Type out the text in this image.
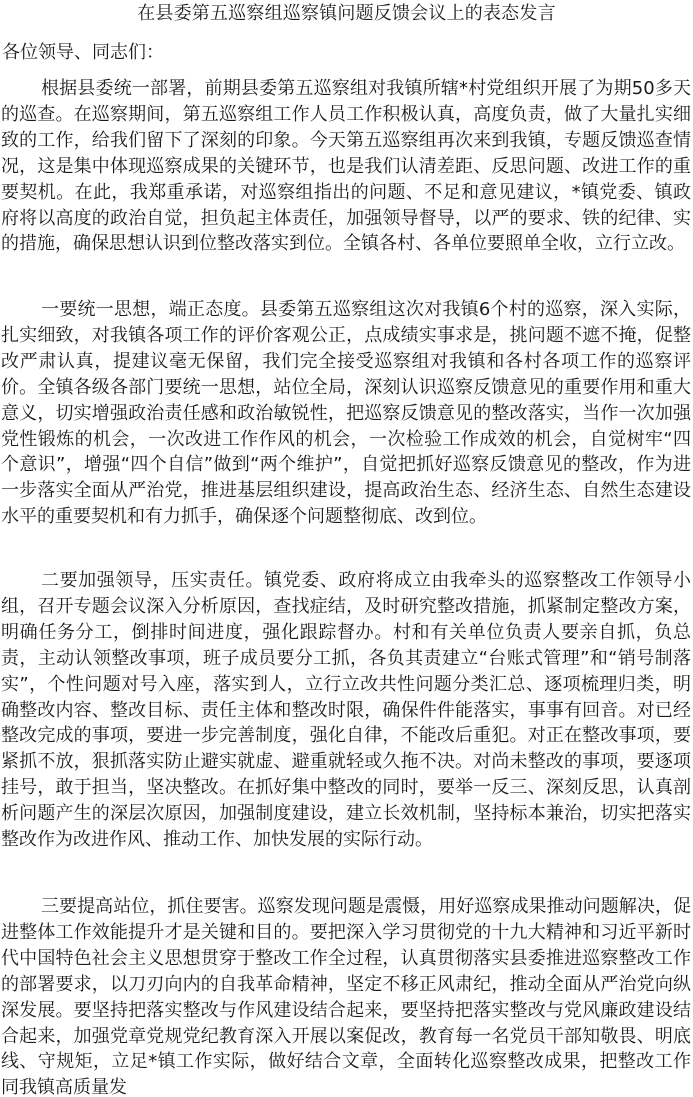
在县委第五巡察组巡察镇问题反馈会议上的表态发言

各位领导、同志们：

根据县委统一部署，前期县委第五巡察组对我镇所辖*村党组织开展了为期50多天的巡查。在巡察期间，第五巡察组工作人员工作积极认真，高度负责，做了大量扎实细致的工作，给我们留下了深刻的印象。今天第五巡察组再次来到我镇，专题反馈巡查情况，这是集中体现巡察成果的关键环节，也是我们认清差距、反思问题、改进工作的重要契机。在此，我郑重承诺，对巡察组指出的问题、不足和意见建议，*镇党委、镇政府将以高度的政治自觉，担负起主体责任，加强领导督导，以严的要求、铁的纪律、实的措施，确保思想认识到位整改落实到位。全镇各村、各单位要照单全收，立行立改。

一要统一思想，端正态度。县委第五巡察组这次对我镇6个村的巡察，深入实际，扎实细致，对我镇各项工作的评价客观公正，点成绩实事求是，挑问题不遮不掩，促整改严肃认真，提建议毫无保留，我们完全接受巡察组对我镇和各村各项工作的巡察评价。全镇各级各部门要统一思想，站位全局，深刻认识巡察反馈意见的重要作用和重大意义，切实增强政治责任感和政治敏锐性，把巡察反馈意见的整改落实，当作一次加强党性锻炼的机会，一次改进工作作风的机会，一次检验工作成效的机会，自觉树牢“四个意识”，增强“四个自信”做到“两个维护”，自觉把抓好巡察反馈意见的整改，作为进一步落实全面从严治党，推进基层组织建设，提高政治生态、经济生态、自然生态建设水平的重要契机和有力抓手，确保逐个问题整彻底、改到位。

二要加强领导，压实责任。镇党委、政府将成立由我牵头的巡察整改工作领导小组，召开专题会议深入分析原因，查找症结，及时研究整改措施，抓紧制定整改方案，明确任务分工，倒排时间进度，强化跟踪督办。村和有关单位负责人要亲自抓，负总责，主动认领整改事项，班子成员要分工抓，各负其责建立“台账式管理”和“销号制落实”，个性问题对号入座，落实到人，立行立改共性问题分类汇总、逐项梳理归类，明确整改内容、整改目标、责任主体和整改时限，确保件件能落实，事事有回音。对已经整改完成的事项，要进一步完善制度，强化自律，不能改后重犯。对正在整改事项，要紧抓不放，狠抓落实防止避实就虚、避重就轻或久拖不决。对尚未整改的事项，要逐项挂号，敢于担当，坚决整改。在抓好集中整改的同时，要举一反三、深刻反思，认真剖析问题产生的深层次原因，加强制度建设，建立长效机制，坚持标本兼治，切实把落实整改作为改进作风、推动工作、加快发展的实际行动。

三要提高站位，抓住要害。巡察发现问题是震慑，用好巡察成果推动问题解决，促进整体工作效能提升才是关键和目的。要把深入学习贯彻党的十九大精神和习近平新时代中国特色社会主义思想贯穿于整改工作全过程，认真贯彻落实县委推进巡察整改工作的部署要求，以刀刃向内的自我革命精神，坚定不移正风肃纪，推动全面从严治党向纵深发展。要坚持把落实整改与作风建设结合起来，要坚持把落实整改与党风廉政建设结合起来，加强党章党规党纪教育深入开展以案促改，教育每一名党员干部知敬畏、明底线、守规矩，立足*镇工作实际，做好结合文章，全面转化巡察整改成果，把整改工作同我镇高质量发
